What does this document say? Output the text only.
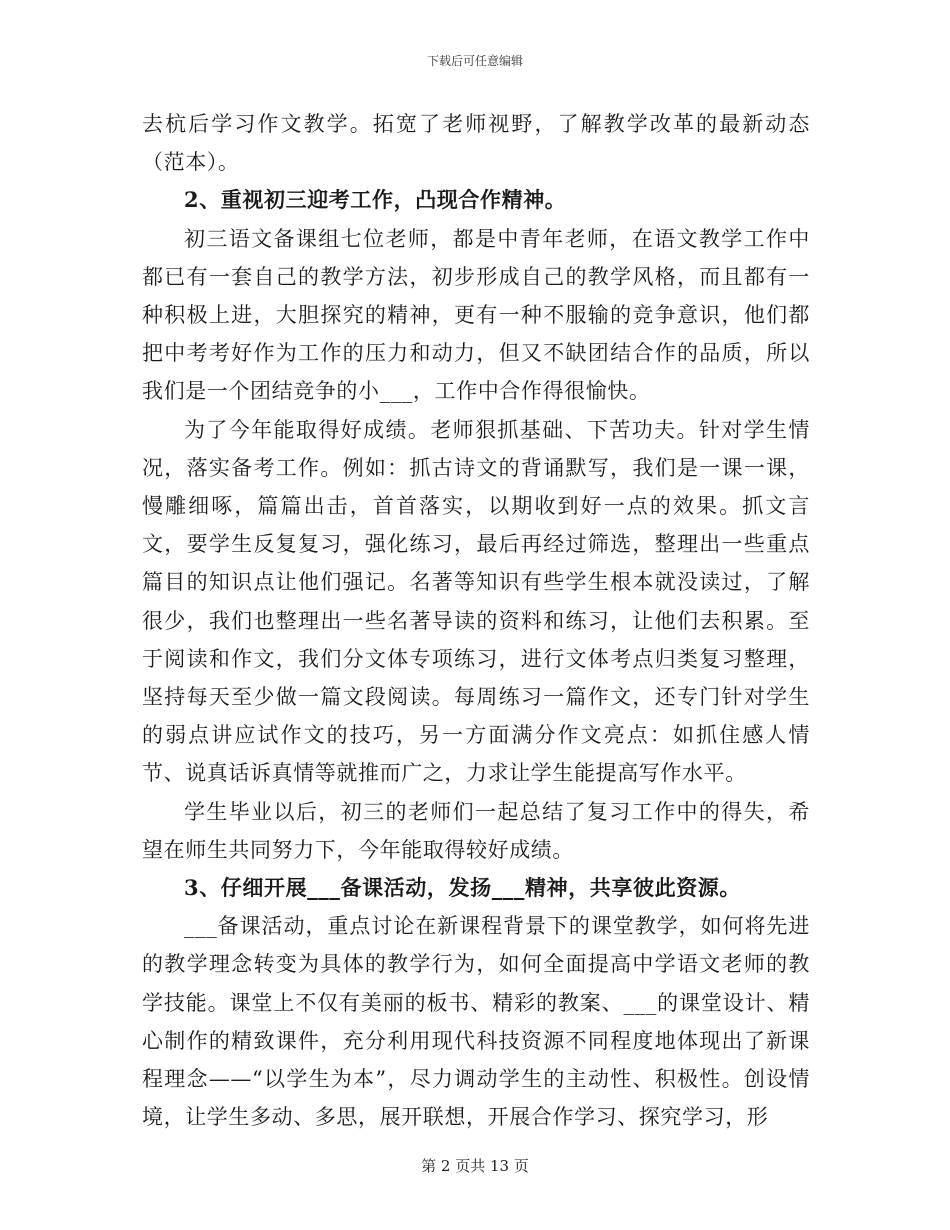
下载后可任意编辑

去杭后学习作文教学。拓宽了老师视野，了解教学改革的最新动态（范本）。

2、重视初三迎考工作，凸现合作精神。

初三语文备课组七位老师，都是中青年老师，在语文教学工作中都已有一套自己的教学方法，初步形成自己的教学风格，而且都有一种积极上进，大胆探究的精神，更有一种不服输的竞争意识，他们都把中考考好作为工作的压力和动力，但又不缺团结合作的品质，所以我们是一个团结竞争的小___，工作中合作得很愉快。

为了今年能取得好成绩。老师狠抓基础、下苦功夫。针对学生情况，落实备考工作。例如：抓古诗文的背诵默写，我们是一课一课，慢雕细啄，篇篇出击，首首落实，以期收到好一点的效果。抓文言文，要学生反复复习，强化练习，最后再经过筛选，整理出一些重点篇目的知识点让他们强记。名著等知识有些学生根本就没读过，了解很少，我们也整理出一些名著导读的资料和练习，让他们去积累。至于阅读和作文，我们分文体专项练习，进行文体考点归类复习整理，坚持每天至少做一篇文段阅读。每周练习一篇作文，还专门针对学生的弱点讲应试作文的技巧，另一方面满分作文亮点：如抓住感人情节、说真话诉真情等就推而广之，力求让学生能提高写作水平。

学生毕业以后，初三的老师们一起总结了复习工作中的得失，希望在师生共同努力下，今年能取得较好成绩。

3、仔细开展___备课活动，发扬___精神，共享彼此资源。

___备课活动，重点讨论在新课程背景下的课堂教学，如何将先进的教学理念转变为具体的教学行为，如何全面提高中学语文老师的教学技能。课堂上不仅有美丽的板书、精彩的教案、___的课堂设计、精心制作的精致课件，充分利用现代科技资源不同程度地体现出了新课程理念——“以学生为本”，尽力调动学生的主动性、积极性。创设情境，让学生多动、多思，展开联想，开展合作学习、探究学习，形

第 2 页共 13 页
